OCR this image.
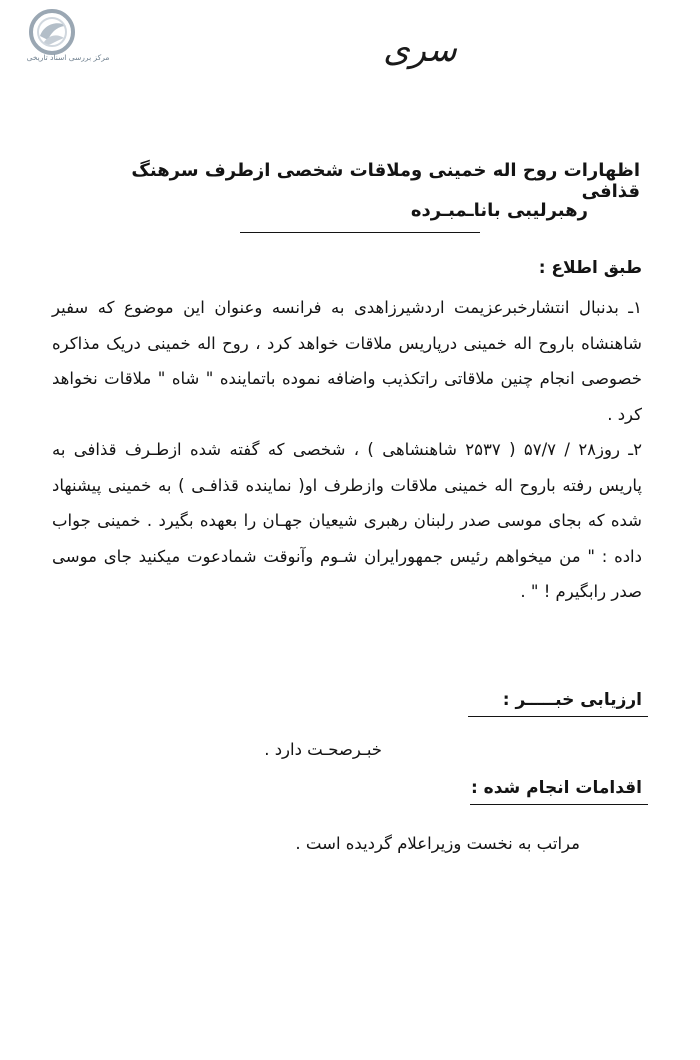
مرکز بررسی اسناد تاریخی	سری
اظهارات روح اله خمینی وملاقات شخصی ازطرف سرهنگ قذافی
رهبرلیبی باناـمبـرده
طبق اطلاع :
۱ـ بدنبال انتشارخبرعزیمت اردشیرزاهدی به فرانسه وعنوان این موضوع که سفیر شاهنشاه باروح اله خمینی درپاریس ملاقات خواهد کرد ، روح اله خمینی دریک مذاکره خصوصی انجام چنین ملاقاتی راتکذیب واضافه نموده باتماینده " شاه " ملاقات نخواهد کرد .
۲ـ روز۲۸ / ۵۷/۷ ( ۲۵۳۷ شاهنشاهی ) ، شخصی که گفته شده ازطـرف قذافی به پاریس رفته باروح اله خمینی ملاقات وازطرف او( نماینده قذافـی ) به خمینی پیشنهاد شده که بجای موسی صدر رلبنان رهبری شیعیان جهـان را بعهده بگیرد . خمینی جواب داده : " من میخواهم رئیس جمهورایران شـوم وآنوقت شمادعوت میکنید جای موسی صدر رابگیرم ! " .
ارزیابی خبـــــر :
خبـرصحـت دارد .
اقدامات انجام شده :
مراتب به نخست وزیراعلام گردیده است .
